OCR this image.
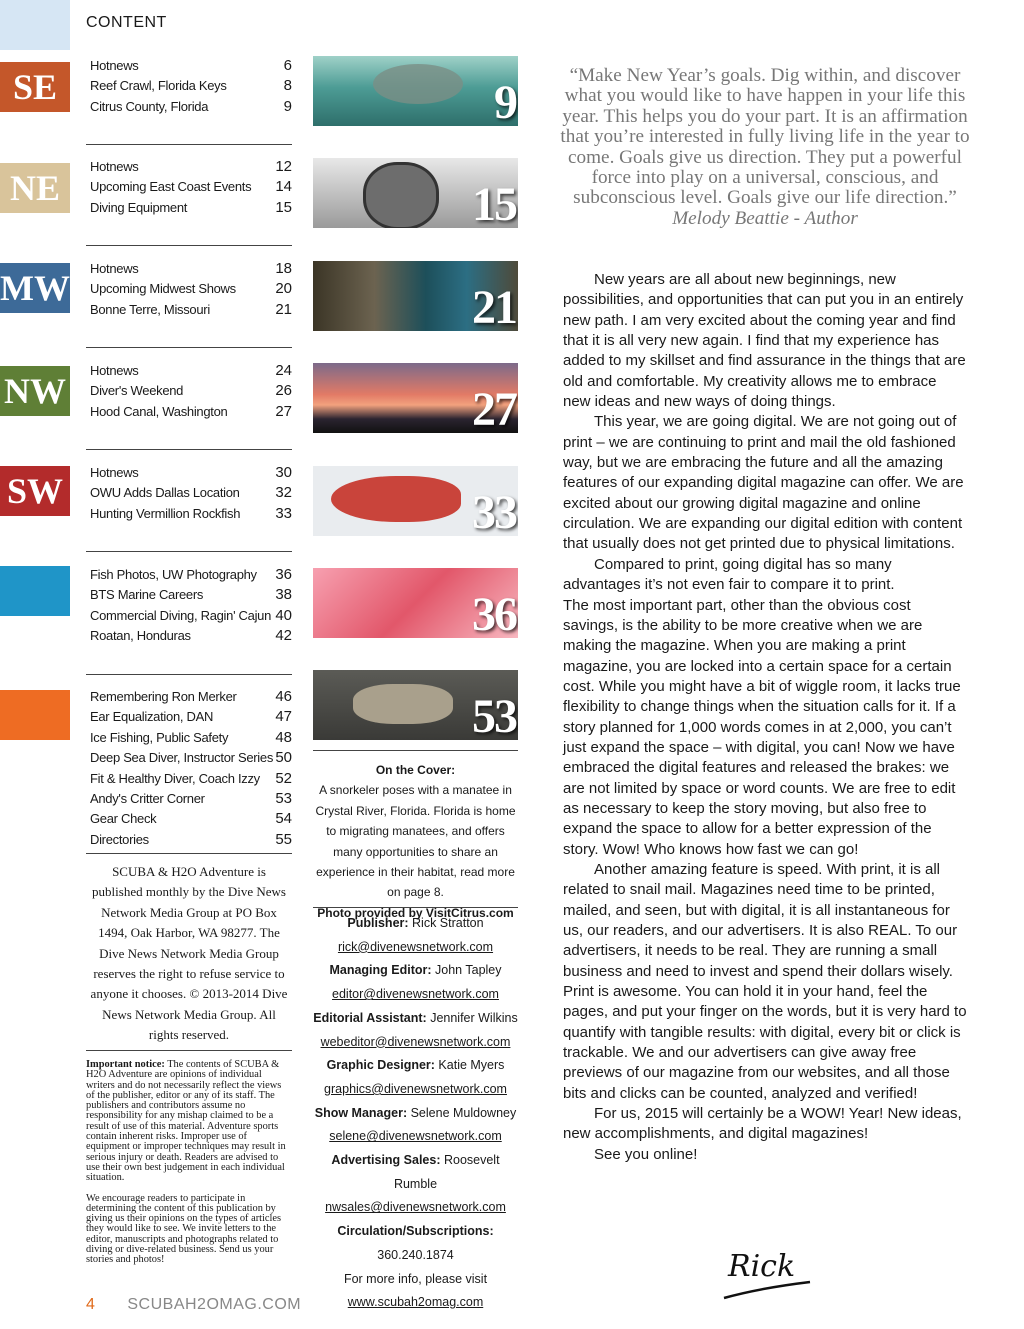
CONTENT
SE
NE
MW
NW
SW
Hotnews	6
Reef Crawl, Florida Keys	8
Citrus County, Florida	9
Hotnews	12
Upcoming East Coast Events 14
Diving Equipment	15
Hotnews	18
Upcoming Midwest Shows	20
Bonne Terre, Missouri	21
Hotnews	24
Diver's Weekend	26
Hood Canal, Washington	27
Hotnews	30
OWU Adds Dallas Location 32
Hunting Vermillion Rockfish 33
Fish Photos, UW Photography 36
BTS Marine Careers	38
Commercial Diving, Ragin' Cajun 40
Roatan, Honduras	42
Remembering Ron Merker	46
Ear Equalization, DAN	47
Ice Fishing, Public Safety	48
Deep Sea Diver, Instructor Series 50
Fit & Healthy Diver, Coach Izzy 52
Andy's Critter Corner	53
Gear Check	54
Directories	55
SCUBA & H2O Adventure is published monthly by the Dive News Network Media Group at PO Box 1494, Oak Harbor, WA 98277. The Dive News Network Media Group reserves the right to refuse service to anyone it chooses. © 2013-2014 Dive News Network Media Group. All rights reserved.

Important notice: The contents of SCUBA & H2O Adventure are opinions of individual writers and do not necessarily reflect the views of the publisher, editor or any of its staff. The publishers and contributors assume no responsibility for any mishap claimed to be a result of use of this material. Adventure sports contain inherent risks. Improper use of equipment or improper techniques may result in serious injury or death. Readers are advised to use their own best judgement in each individual situation.

We encourage readers to participate in determining the content of this publication by giving us their opinions on the types of articles they would like to see. We invite letters to the editor, manuscripts and photographs related to diving or dive-related business. Send us your stories and photos!

9
15
21
27
33
36
53
On the Cover:
A snorkeler poses with a manatee in Crystal River, Florida. Florida is home to migrating manatees, and offers many opportunities to share an experience in their habitat, read more on page 8.
Photo provided by VisitCitrus.com
Publisher: Rick Stratton
rick@divenewsnetwork.com
Managing Editor: John Tapley
editor@divenewsnetwork.com
Editorial Assistant: Jennifer Wilkins
webeditor@divenewsnetwork.com
Graphic Designer: Katie Myers
graphics@divenewsnetwork.com
Show Manager: Selene Muldowney
selene@divenewsnetwork.com
Advertising Sales: Roosevelt Rumble
nwsales@divenewsnetwork.com
Circulation/Subscriptions:
360.240.1874
For more info, please visit
www.scubah2omag.com
“Make New Year’s goals. Dig within, and discover what you would like to have happen in your life this year. This helps you do your part. It is an affirmation that you’re interested in fully living life in the year to come. Goals give us direction. They put a powerful force into play on a universal, conscious, and subconscious level. Goals give our life direction.”
Melody Beattie - Author

New years are all about new beginnings, new possibilities, and opportunities that can put you in an entirely new path. I am very excited about the coming year and find that it is all very new again. I find that my experience has added to my skillset and find assurance in the things that are old and comfortable. My creativity allows me to embrace new ideas and new ways of doing things.

This year, we are going digital. We are not going out of print – we are continuing to print and mail the old fashioned way, but we are embracing the future and all the amazing features of our expanding digital magazine can offer. We are excited about our growing digital magazine and online circulation. We are expanding our digital edition with content that usually does not get printed due to physical limitations.

Compared to print, going digital has so many advantages it’s not even fair to compare it to print.

The most important part, other than the obvious cost savings, is the ability to be more creative when we are making the magazine. When you are making a print magazine, you are locked into a certain space for a certain cost. While you might have a bit of wiggle room, it lacks true flexibility to change things when the situation calls for it. If a story planned for 1,000 words comes in at 2,000, you can’t just expand the space – with digital, you can! Now we have embraced the digital features and released the brakes: we are not limited by space or word counts. We are free to edit as necessary to keep the story moving, but also free to expand the space to allow for a better expression of the story. Wow! Who knows how fast we can go!

Another amazing feature is speed. With print, it is all related to snail mail. Magazines need time to be printed, mailed, and seen, but with digital, it is all instantaneous for us, our readers, and our advertisers. It is also REAL. To our advertisers, it needs to be real. They are running a small business and need to invest and spend their dollars wisely. Print is awesome. You can hold it in your hand, feel the pages, and put your finger on the words, but it is very hard to quantify with tangible results: with digital, every bit or click is trackable. We and our advertisers can give away free previews of our magazine from our websites, and all those bits and clicks can be counted, analyzed and verified!

For us, 2015 will certainly be a WOW! Year! New ideas, new accomplishments, and digital magazines!

See you online!

Rick
4 SCUBAH2OMAG.COM
